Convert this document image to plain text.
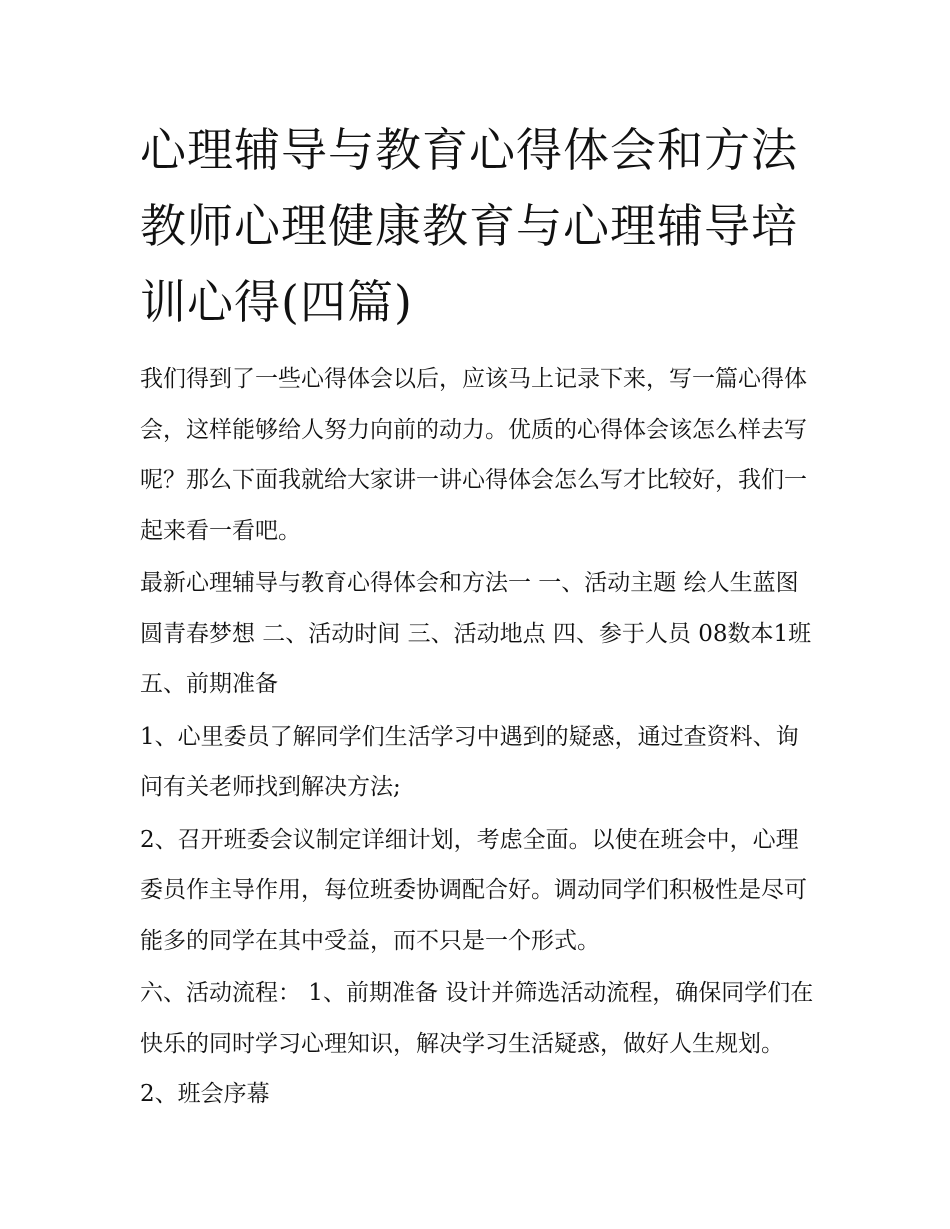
心理辅导与教育心得体会和方法 教师心理健康教育与心理辅导培训心得(四篇)

我们得到了一些心得体会以后，应该马上记录下来，写一篇心得体会，这样能够给人努力向前的动力。优质的心得体会该怎么样去写呢？那么下面我就给大家讲一讲心得体会怎么写才比较好，我们一起来看一看吧。

最新心理辅导与教育心得体会和方法一 一、活动主题 绘人生蓝图 圆青春梦想 二、活动时间 三、活动地点 四、参于人员 08数本1班 五、前期准备

1、心里委员了解同学们生活学习中遇到的疑惑，通过查资料、询问有关老师找到解决方法;

2、召开班委会议制定详细计划，考虑全面。以使在班会中，心理委员作主导作用，每位班委协调配合好。调动同学们积极性是尽可能多的同学在其中受益，而不只是一个形式。

六、活动流程： 1、前期准备 设计并筛选活动流程，确保同学们在快乐的同时学习心理知识，解决学习生活疑惑，做好人生规划。 2、班会序幕
